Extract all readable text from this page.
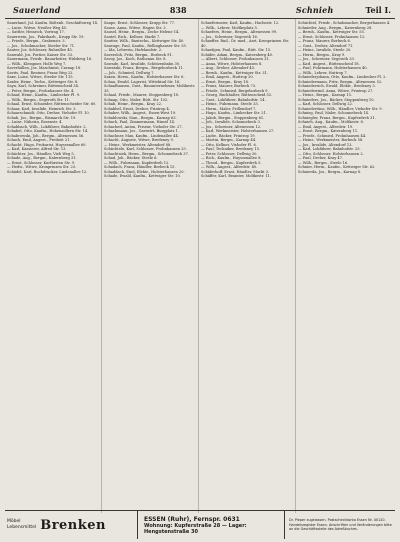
Sauerland	838	Schnieh	Teil I.

Sauerland, Jul. Kaufm. Boltenh. Geschäftsweg 14.

— Luise, Witwe, Neußer Weg 45.

— Sattler, Heinrich, Vortrag 17.

Sauerwein, Jos., Fabrikarb., Krupp Str. 19.

— Friedr., Bergm., Grabenstr. 3.

— Jos., Schuhmacher, Steeler Str. 71.

Sauter, Jos. Schlosser, Ruhrallee 45.

Sauwald, Jos. Portier, Kaiser Str. 33.

Sauermann, Friedr., Bauarbeiter, Hülsberg 16.

— Wilh., Klempner, Holle Weg 7.

Saverhüllen, Jos. Maschinist, Carnap 18.

Savits, Paul, Rentner, Franz Weg 22.

Saxe, Luise, Witwe, Steeler Str. 115.

Saxler, Heinr., Techn., Kettwiger Str. 8.

Sayn, Karl, Schreiner, Rüttenscheid 34.

— Peter, Bergm., Frohnhauser Str. 4.

Schaaf, Heinr., Kaufm., Limbecker Pl. 9.

— Wilh., Bergm., Segeroth Str. 11.

Schaal, Ernst, Schneider, Rüttenscheider Str. 60.

Schaar, Karl, Invalide, Heinrich Str. 3.

Schaarschmidt, Otto, Dreher, Viehofer Pl. 10.

Schab, Jos., Bergm., Bismarck Str. 19.

— Luise, Näherin, Rosenstr. 4.

Schabbach, Wilh., Lokführer, Bahnhofstr. 2.

Schabel, Otto, Kaufm., Hohenzollern Str. 14.

Schabrowski, Joh., Bergm., Altenessen 56.

Schach, Emil, Angest., Freiheit 21.

Schacht, Hugo, Prokurist, Huyssenallee 60.

— Karl, Kassierer, Alfred Str. 13.

Schächter, Jos., Händler, Vieh Weg 5.

Schade, Aug., Bergm., Katernberg 31.

— Ernst, Schlosser, Kurfürsten Str. 9.

— Hedw., Witwe, Kronprinzen Str. 23.

Schädel, Karl, Buchdrucker, Lindenallee 12.

Saupe, Ernst, Schlosser, Krupp Str. 77.

Sause, Anna, Witwe, Hagen Str. 3.

Sausel, Heinr., Bergm., Zeche Helene 14.

Sautel, Rich., Kellner, Markt 7.

Sautter, Wilh., Bautechn., Kettwiger Str. 40.

Sauvage, Paul, Kaufm., Rellinghauser Str. 55.

— Ida, Lehrerin, Hufelandstr. 2.

Saversloh, Fritz, Bergm., Borbeck 91.

Savoy, Jos., Koch, Rathenau Str. 8.

Sawade, Karl, Invalide, Schützenbahn 30.

Sawatzki, Franz, Bergm., Bergeborbeck 11.

— Joh., Schmied, Dellwig 7.

Saxen, Herm., Kaufm., Holsterhauser Str. 6.

Schaa, Ewald, Lagerist, Wittekind Str. 16.

Schaafhausen, Gust., Bauunternehmer, Moltkestr. 35.

Schaal, Friedr., Maurer, Stoppenberg 18.

Schaap, Otto, Maler, Rütt. Str. 102.

Schab, Heinr., Bergm., Kray 22.

Schabbel, Ernst, Dreher, Frintrop 4.

Schaber, Wilh., Angest., Essen-West 19.

Schablowski, Stan., Bergm., Karnap 63.

Schach, Paul, Zimmermann, Hinsel 14.

Schacherl, Anton, Friseur, Viehofer Str. 27.

Schachmann, Jos., Gastwirt, Burgplatz 1.

Schachner, Max, Kaufm., Lindenallee 44.

Schacht, Auguste, Witwe, Bredeney 9.

— Heinr., Werkmeister, Altendorf 88.

Schächtele, Karl, Schlosser, Frohnhausen 25.

Schachtsiek, Herm., Bergm., Schonnebeck 37.

Schad, Joh., Bäcker, Steele 6.

— Wilh., Fuhrmann, Kupferdreh 12.

Schadach, Franz, Händler, Borbeck 15.

Schaddach, Emil, Elektr., Holsterhausen 20.

Schade, Ewald, Kaufm., Kettwiger Str. 10.

Schaefermeier, Karl, Kaufm., Hachestr. 12.

— Wilh., Lehrer, Moltkeplatz 5.

Schaefers, Heinr., Bergm., Altenessen 99.

— Jos., Schreiner, Segeroth 16.

Schaeffer, Rud., Dr. med., Arzt, Kronprinzen Str. 40.

Schaefgen, Paul, Kaufm., Rütt. Str. 15.

Schäfer, Adam, Bergm., Katernberg 40.

— Albert, Schlosser, Frohnhausen 31.

— Anna, Witwe, Holsterhausen 8.

— Aug., Dreher, Altendorf 45.

— Bernh., Kaufm., Kettwiger Str. 31.

— Emil, Angest., Huttrop 20.

— Ernst, Bergm., Kray 18.

— Franz, Maurer, Borbeck 73.

— Friedr., Schmied, Bergeborbeck 9.

— Georg, Buchhalter, Rüttenscheid 52.

— Gust., Lokführer, Bahnhofstr. 14.

— Heinr., Fuhrmann, Steele 33.

— Herm., Maler, Frillendorf 7.

— Hugo, Kaufm., Limbecker Str. 21.

— Jakob, Bergm., Stoppenberg 61.

— Joh., Invalide, Schonnebeck 3.

— Jos., Schreiner, Altenessen 12.

— Karl, Werkmeister, Holsterhausen 27.

— Ludw., Bäcker, Frintrop 19.

— Martin, Bergm., Karnap 44.

— Otto, Kellner, Viehofer Pl. 6.

— Paul, Techniker, Bredeney 15.

— Peter, Schlosser, Dellwig 30.

— Rich., Kaufm., Huyssenallee 8.

— Theod., Bergm., Kupferdreh 5.

— Wilh., Angest., Alfredstr. 40.

Schäferhoff, Ernst, Händler, Markt 3.

Schäffer, Karl, Beamter, Moltkestr. 11.

Schüchtel, Friedr., Schuhmacher, Bergerhausen 4.

Schnieder, Aug., Bergm., Katernberg 28.

— Bernh., Kaufm., Kettwiger Str. 55.

— Ernst, Schlosser, Frohnhausen 12.

— Franz, Maurer, Borbeck 6.

— Gust., Dreher, Altendorf 71.

— Heinr., Invalide, Steele 20.

— Herm., Bergm., Kray 9.

— Jos., Schreiner, Segeroth 33.

— Karl, Angest., Rüttenscheid 18.

— Paul, Fuhrmann, Holsterhausen 40.

— Wilh., Lehrer, Huttrop 7.

Schniederjohann, Otto, Kaufm., Limbecker Pl. 2.

Schniedermann, Fritz, Bergm., Altenessen 52.

Schniederrich, Ewald, Elektr., Bredeney 3.

Schniedewind, Anna, Witwe, Frintrop 27.

— Heinr., Bergm., Karnap 15.

Schnieders, Jos., Bäcker, Stoppenberg 10.

— Karl, Schlosser, Dellwig 22.

Schniedertüns, Wilh., Händler, Viehofer Str. 9.

Schnieg, Paul, Maler, Schonnebeck 14.

Schniegler, Franz, Bergm., Kupferdreh 31.

Schnieh, Aug., Kaufm., Moltkestr. 8.

— Emil, Angest., Alfredstr. 19.

— Ernst, Bergm., Katernberg 11.

— Friedr., Schmied, Frohnhausen 44.

— Heinr., Werkmeister, Borbeck 58.

— Jos., Invalide, Altendorf 13.

— Karl, Lokführer, Bahnhofstr. 25.

— Otto, Schlosser, Holsterhausen 2.

— Paul, Dreher, Kray 47.

— Wilh., Bergm., Steele 16.

Schnier, Herm., Kaufm., Kettwiger Str. 62.

Schnierda, Jos., Bergm., Karnap 8.

Möbel
Lebensmittel Brenken	ESSEN (Ruhr), Fernspr. 0631
Wohnung: Kupferstraße 28 — Lager: Hengstenstraße 30
Dr. Pieper zugelassen. Postscheckkonto Essen Nr. 40120. Handelsregister Essen. Anschriften und Veränderungen bitte an die Geschäftsstelle des Adreßbuches.
